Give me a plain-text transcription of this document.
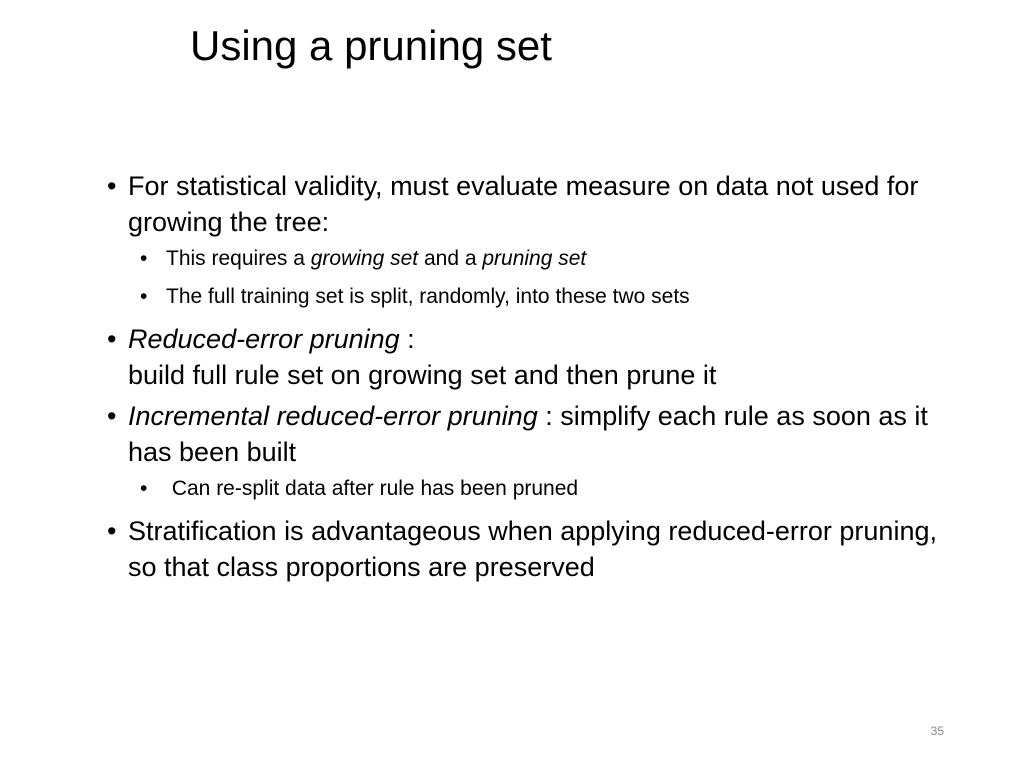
Using a pruning set

• For statistical validity, must evaluate measure on data not used for growing the tree:

• This requires a growing set and a pruning set

• The full training set is split, randomly, into these two sets

• Reduced-error pruning :
build full rule set on growing set and then prune it

• Incremental reduced-error pruning : simplify each rule as soon as it has been built

• Can re-split data after rule has been pruned

• Stratification is advantageous when applying reduced-error pruning, so that class proportions are preserved

35
